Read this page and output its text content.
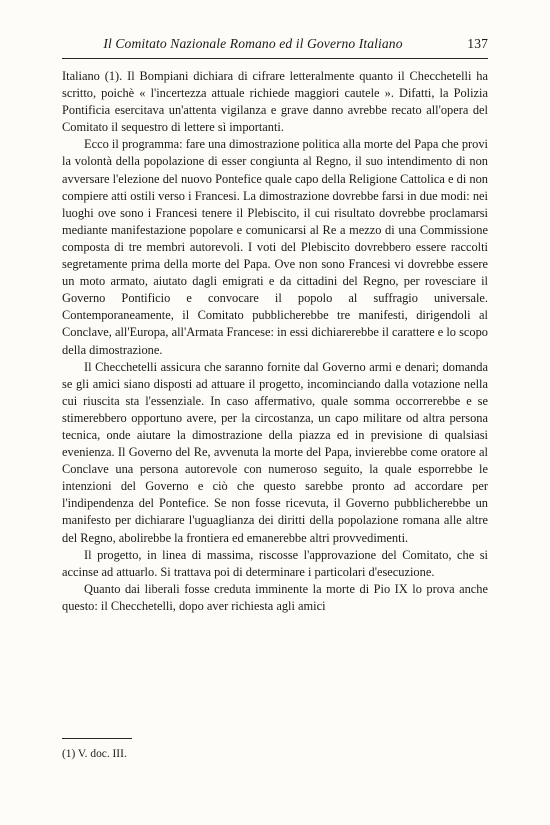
Il Comitato Nazionale Romano ed il Governo Italiano	137

Italiano (1). Il Bompiani dichiara di cifrare letteralmente quanto il Checchetelli ha scritto, poichè « l'incertezza attuale richiede maggiori cautele ». Difatti, la Polizia Pontificia esercitava un'attenta vigilanza e grave danno avrebbe recato all'opera del Comitato il sequestro di lettere sì importanti.

Ecco il programma: fare una dimostrazione politica alla morte del Papa che provi la volontà della popolazione di esser congiunta al Regno, il suo intendimento di non avversare l'elezione del nuovo Pontefice quale capo della Religione Cattolica e di non compiere atti ostili verso i Francesi. La dimostrazione dovrebbe farsi in due modi: nei luoghi ove sono i Francesi tenere il Plebiscito, il cui risultato dovrebbe proclamarsi mediante manifestazione popolare e comunicarsi al Re a mezzo di una Commissione composta di tre membri autorevoli. I voti del Plebiscito dovrebbero essere raccolti segretamente prima della morte del Papa. Ove non sono Francesi vi dovrebbe essere un moto armato, aiutato dagli emigrati e da cittadini del Regno, per rovesciare il Governo Pontificio e convocare il popolo al suffragio universale. Contemporaneamente, il Comitato pubblicherebbe tre manifesti, dirigendoli al Conclave, all'Europa, all'Armata Francese: in essi dichiarerebbe il carattere e lo scopo della dimostrazione.

Il Checchetelli assicura che saranno fornite dal Governo armi e denari; domanda se gli amici siano disposti ad attuare il progetto, incominciando dalla votazione nella cui riuscita sta l'essenziale. In caso affermativo, quale somma occorrerebbe e se stimerebbero opportuno avere, per la circostanza, un capo militare od altra persona tecnica, onde aiutare la dimostrazione della piazza ed in previsione di qualsiasi evenienza. Il Governo del Re, avvenuta la morte del Papa, invierebbe come oratore al Conclave una persona autorevole con numeroso seguito, la quale esporrebbe le intenzioni del Governo e ciò che questo sarebbe pronto ad accordare per l'indipendenza del Pontefice. Se non fosse ricevuta, il Governo pubblicherebbe un manifesto per dichiarare l'uguaglianza dei diritti della popolazione romana alle altre del Regno, abolirebbe la frontiera ed emanerebbe altri provvedimenti.

Il progetto, in linea di massima, riscosse l'approvazione del Comitato, che si accinse ad attuarlo. Si trattava poi di determinare i particolari d'esecuzione.

Quanto dai liberali fosse creduta imminente la morte di Pio IX lo prova anche questo: il Checchetelli, dopo aver richiesta agli amici

(1) V. doc. III.
